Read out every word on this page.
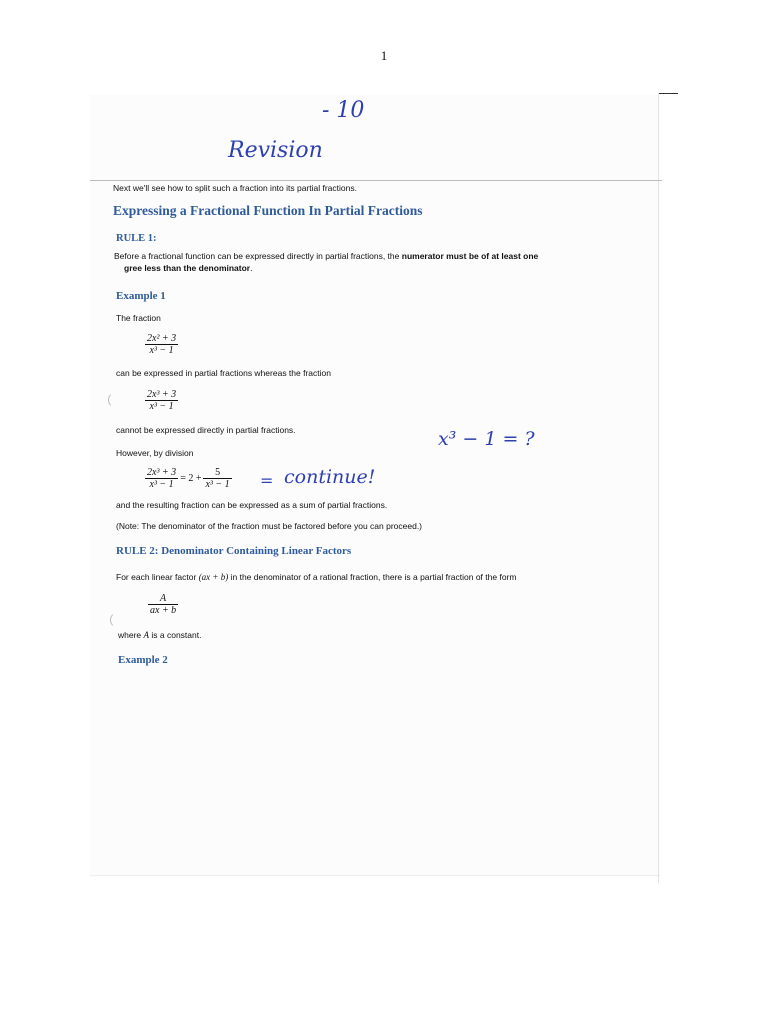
1
- 10
Revision
Next we'll see how to split such a fraction into its partial fractions.
Expressing a Fractional Function In Partial Fractions
RULE 1:
Before a fractional function can be expressed directly in partial fractions, the numerator must be of at least one
gree less than the denominator.
Example 1
The fraction
$\frac{\text{2x² + 3}}{\text{x³ − 1}}$
can be expressed in partial fractions whereas the fraction
$\frac{\text{2x³ + 3}}{\text{x³ − 1}}$
cannot be expressed directly in partial fractions.	x³ − 1 = ?
However, by division
$\frac{\text{2x³ + 3}}{\text{x³ − 1}} = 2 + \frac{5}{\text{x³ − 1}}$ = continue!
and the resulting fraction can be expressed as a sum of partial fractions.
(Note: The denominator of the fraction must be factored before you can proceed.)
RULE 2: Denominator Containing Linear Factors
For each linear factor (ax + b) in the denominator of a rational fraction, there is a partial fraction of the form
$\frac{A}{ax + b}$
where A is a constant.
Example 2
